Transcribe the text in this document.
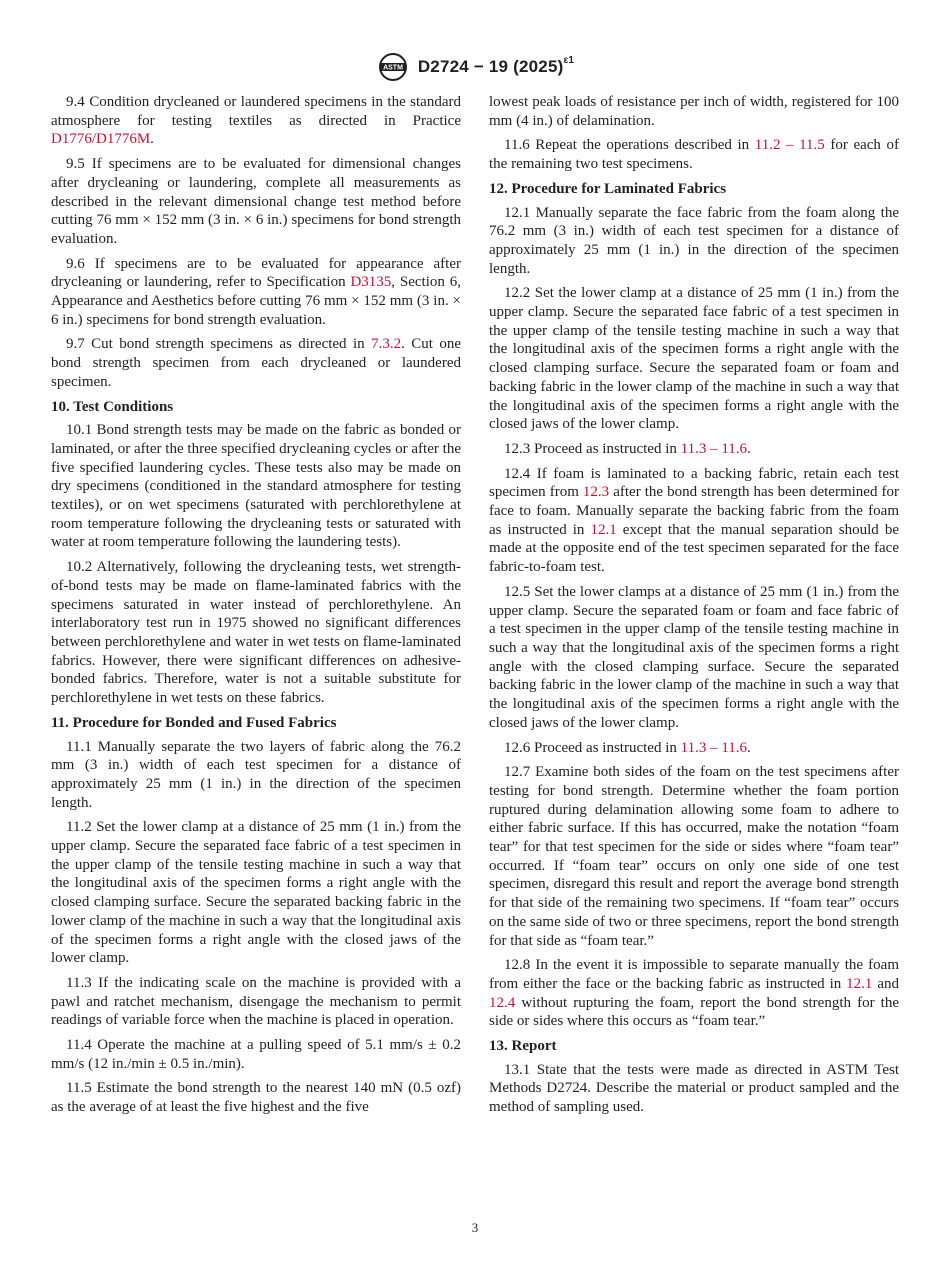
ASTM D2724 − 19 $(2025)^{\varepsilon 1}$

9.4 Condition drycleaned or laundered specimens in the standard atmosphere for testing textiles as directed in Practice D1776/D1776M.

9.5 If specimens are to be evaluated for dimensional changes after drycleaning or laundering, complete all measurements as described in the relevant dimensional change test method before cutting 76 mm × 152 mm (3 in. × 6 in.) specimens for bond strength evaluation.

9.6 If specimens are to be evaluated for appearance after drycleaning or laundering, refer to Specification D3135, Section 6, Appearance and Aesthetics before cutting 76 mm × 152 mm (3 in. × 6 in.) specimens for bond strength evaluation.

9.7 Cut bond strength specimens as directed in 7.3.2. Cut one bond strength specimen from each drycleaned or laundered specimen.

10. Test Conditions

10.1 Bond strength tests may be made on the fabric as bonded or laminated, or after the three specified drycleaning cycles or after the five specified laundering cycles. These tests also may be made on dry specimens (conditioned in the standard atmosphere for testing textiles), or on wet specimens (saturated with perchlorethylene at room temperature following the drycleaning tests or saturated with water at room temperature following the laundering tests).

10.2 Alternatively, following the drycleaning tests, wet strength-of-bond tests may be made on flame-laminated fabrics with the specimens saturated in water instead of perchlorethylene. An interlaboratory test run in 1975 showed no significant differences between perchlorethylene and water in wet tests on flame-laminated fabrics. However, there were significant differences on adhesive-bonded fabrics. Therefore, water is not a suitable substitute for perchlorethylene in wet tests on these fabrics.

11. Procedure for Bonded and Fused Fabrics

11.1 Manually separate the two layers of fabric along the 76.2 mm (3 in.) width of each test specimen for a distance of approximately 25 mm (1 in.) in the direction of the specimen length.

11.2 Set the lower clamp at a distance of 25 mm (1 in.) from the upper clamp. Secure the separated face fabric of a test specimen in the upper clamp of the tensile testing machine in such a way that the longitudinal axis of the specimen forms a right angle with the closed clamping surface. Secure the separated backing fabric in the lower clamp of the machine in such a way that the longitudinal axis of the specimen forms a right angle with the closed jaws of the lower clamp.

11.3 If the indicating scale on the machine is provided with a pawl and ratchet mechanism, disengage the mechanism to permit readings of variable force when the machine is placed in operation.

11.4 Operate the machine at a pulling speed of 5.1 mm/s ± 0.2 mm/s (12 in./min ± 0.5 in./min).

11.5 Estimate the bond strength to the nearest 140 mN (0.5 ozf) as the average of at least the five highest and the five

lowest peak loads of resistance per inch of width, registered for 100 mm (4 in.) of delamination.

11.6 Repeat the operations described in 11.2 – 11.5 for each of the remaining two test specimens.

12. Procedure for Laminated Fabrics

12.1 Manually separate the face fabric from the foam along the 76.2 mm (3 in.) width of each test specimen for a distance of approximately 25 mm (1 in.) in the direction of the specimen length.

12.2 Set the lower clamp at a distance of 25 mm (1 in.) from the upper clamp. Secure the separated face fabric of a test specimen in the upper clamp of the tensile testing machine in such a way that the longitudinal axis of the specimen forms a right angle with the closed clamping surface. Secure the separated foam or foam and backing fabric in the lower clamp of the machine in such a way that the longitudinal axis of the specimen forms a right angle with the closed jaws of the lower clamp.

12.3 Proceed as instructed in 11.3 – 11.6.

12.4 If foam is laminated to a backing fabric, retain each test specimen from 12.3 after the bond strength has been determined for face to foam. Manually separate the backing fabric from the foam as instructed in 12.1 except that the manual separation should be made at the opposite end of the test specimen separated for the face fabric-to-foam test.

12.5 Set the lower clamps at a distance of 25 mm (1 in.) from the upper clamp. Secure the separated foam or foam and face fabric of a test specimen in the upper clamp of the tensile testing machine in such a way that the longitudinal axis of the specimen forms a right angle with the closed clamping surface. Secure the separated backing fabric in the lower clamp of the machine in such a way that the longitudinal axis of the specimen forms a right angle with the closed jaws of the lower clamp.

12.6 Proceed as instructed in 11.3 – 11.6.

12.7 Examine both sides of the foam on the test specimens after testing for bond strength. Determine whether the foam portion ruptured during delamination allowing some foam to adhere to either fabric surface. If this has occurred, make the notation “foam tear” for that test specimen for the side or sides where “foam tear” occurred. If “foam tear” occurs on only one side of one test specimen, disregard this result and report the average bond strength for that side of the remaining two specimens. If “foam tear” occurs on the same side of two or three specimens, report the bond strength for that side as “foam tear.”

12.8 In the event it is impossible to separate manually the foam from either the face or the backing fabric as instructed in 12.1 and 12.4 without rupturing the foam, report the bond strength for the side or sides where this occurs as “foam tear.”

13. Report

13.1 State that the tests were made as directed in ASTM Test Methods D2724. Describe the material or product sampled and the method of sampling used.

3
